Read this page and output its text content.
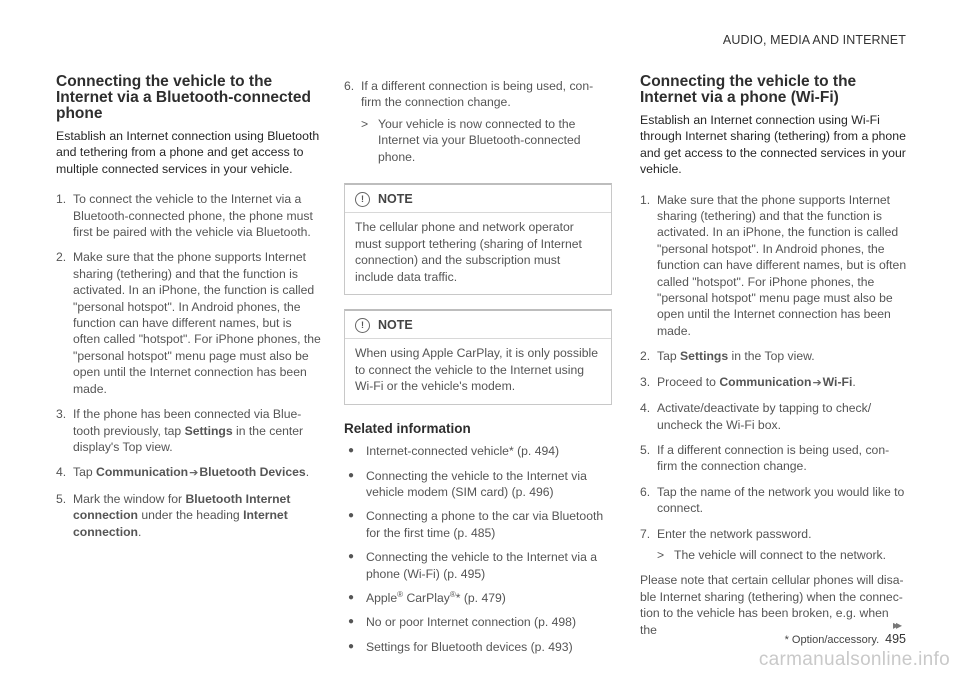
AUDIO, MEDIA AND INTERNET
Connecting the vehicle to the Internet via a Bluetooth-connected phone

Establish an Internet connection using Bluetooth and tethering from a phone and get access to multiple connected services in your vehicle.

1. To connect the vehicle to the Internet via a Bluetooth-connected phone, the phone must first be paired with the vehicle via Bluetooth.
2. Make sure that the phone supports Internet sharing (tethering) and that the function is activated. In an iPhone, the function is called "personal hotspot". In Android phones, the function can have different names, but is often called "hotspot". For iPhone phones, the "personal hotspot" menu page must also be open until the Internet connection has been made.
3. If the phone has been connected via Blue-tooth previously, tap Settings in the center display's Top view.
4. Tap Communication➔Bluetooth Devices.
5. Mark the window for Bluetooth Internet connection under the heading Internet connection.
6. If a different connection is being used, con-firm the connection change.
> Your vehicle is now connected to the Internet via your Bluetooth-connected phone.
!	NOTE
The cellular phone and network operator must support tethering (sharing of Internet connection) and the subscription must include data traffic.
!	NOTE
When using Apple CarPlay, it is only possible to connect the vehicle to the Internet using Wi-Fi or the vehicle's modem.
Related information
● Internet-connected vehicle* (p. 494)
● Connecting the vehicle to the Internet via vehicle modem (SIM card) (p. 496)
● Connecting a phone to the car via Bluetooth for the first time (p. 485)
● Connecting the vehicle to the Internet via a phone (Wi-Fi) (p. 495)
● Apple® CarPlay®* (p. 479)
● No or poor Internet connection (p. 498)
● Settings for Bluetooth devices (p. 493)
Connecting the vehicle to the Internet via a phone (Wi-Fi)

Establish an Internet connection using Wi-Fi through Internet sharing (tethering) from a phone and get access to the connected services in your vehicle.

1. Make sure that the phone supports Internet sharing (tethering) and that the function is activated. In an iPhone, the function is called "personal hotspot". In Android phones, the function can have different names, but is often called "hotspot". For iPhone phones, the "personal hotspot" menu page must also be open until the Internet connection has been made.
2. Tap Settings in the Top view.
3. Proceed to Communication➔Wi-Fi.
4. Activate/deactivate by tapping to check/ uncheck the Wi-Fi box.
5. If a different connection is being used, con-firm the connection change.
6. Tap the name of the network you would like to connect.
7. Enter the network password.
> The vehicle will connect to the network.

Please note that certain cellular phones will disa-ble Internet sharing (tethering) when the connec-tion to the vehicle has been broken, e.g. when the	▸▸
* Option/accessory. 495
carmanualsonline.info
